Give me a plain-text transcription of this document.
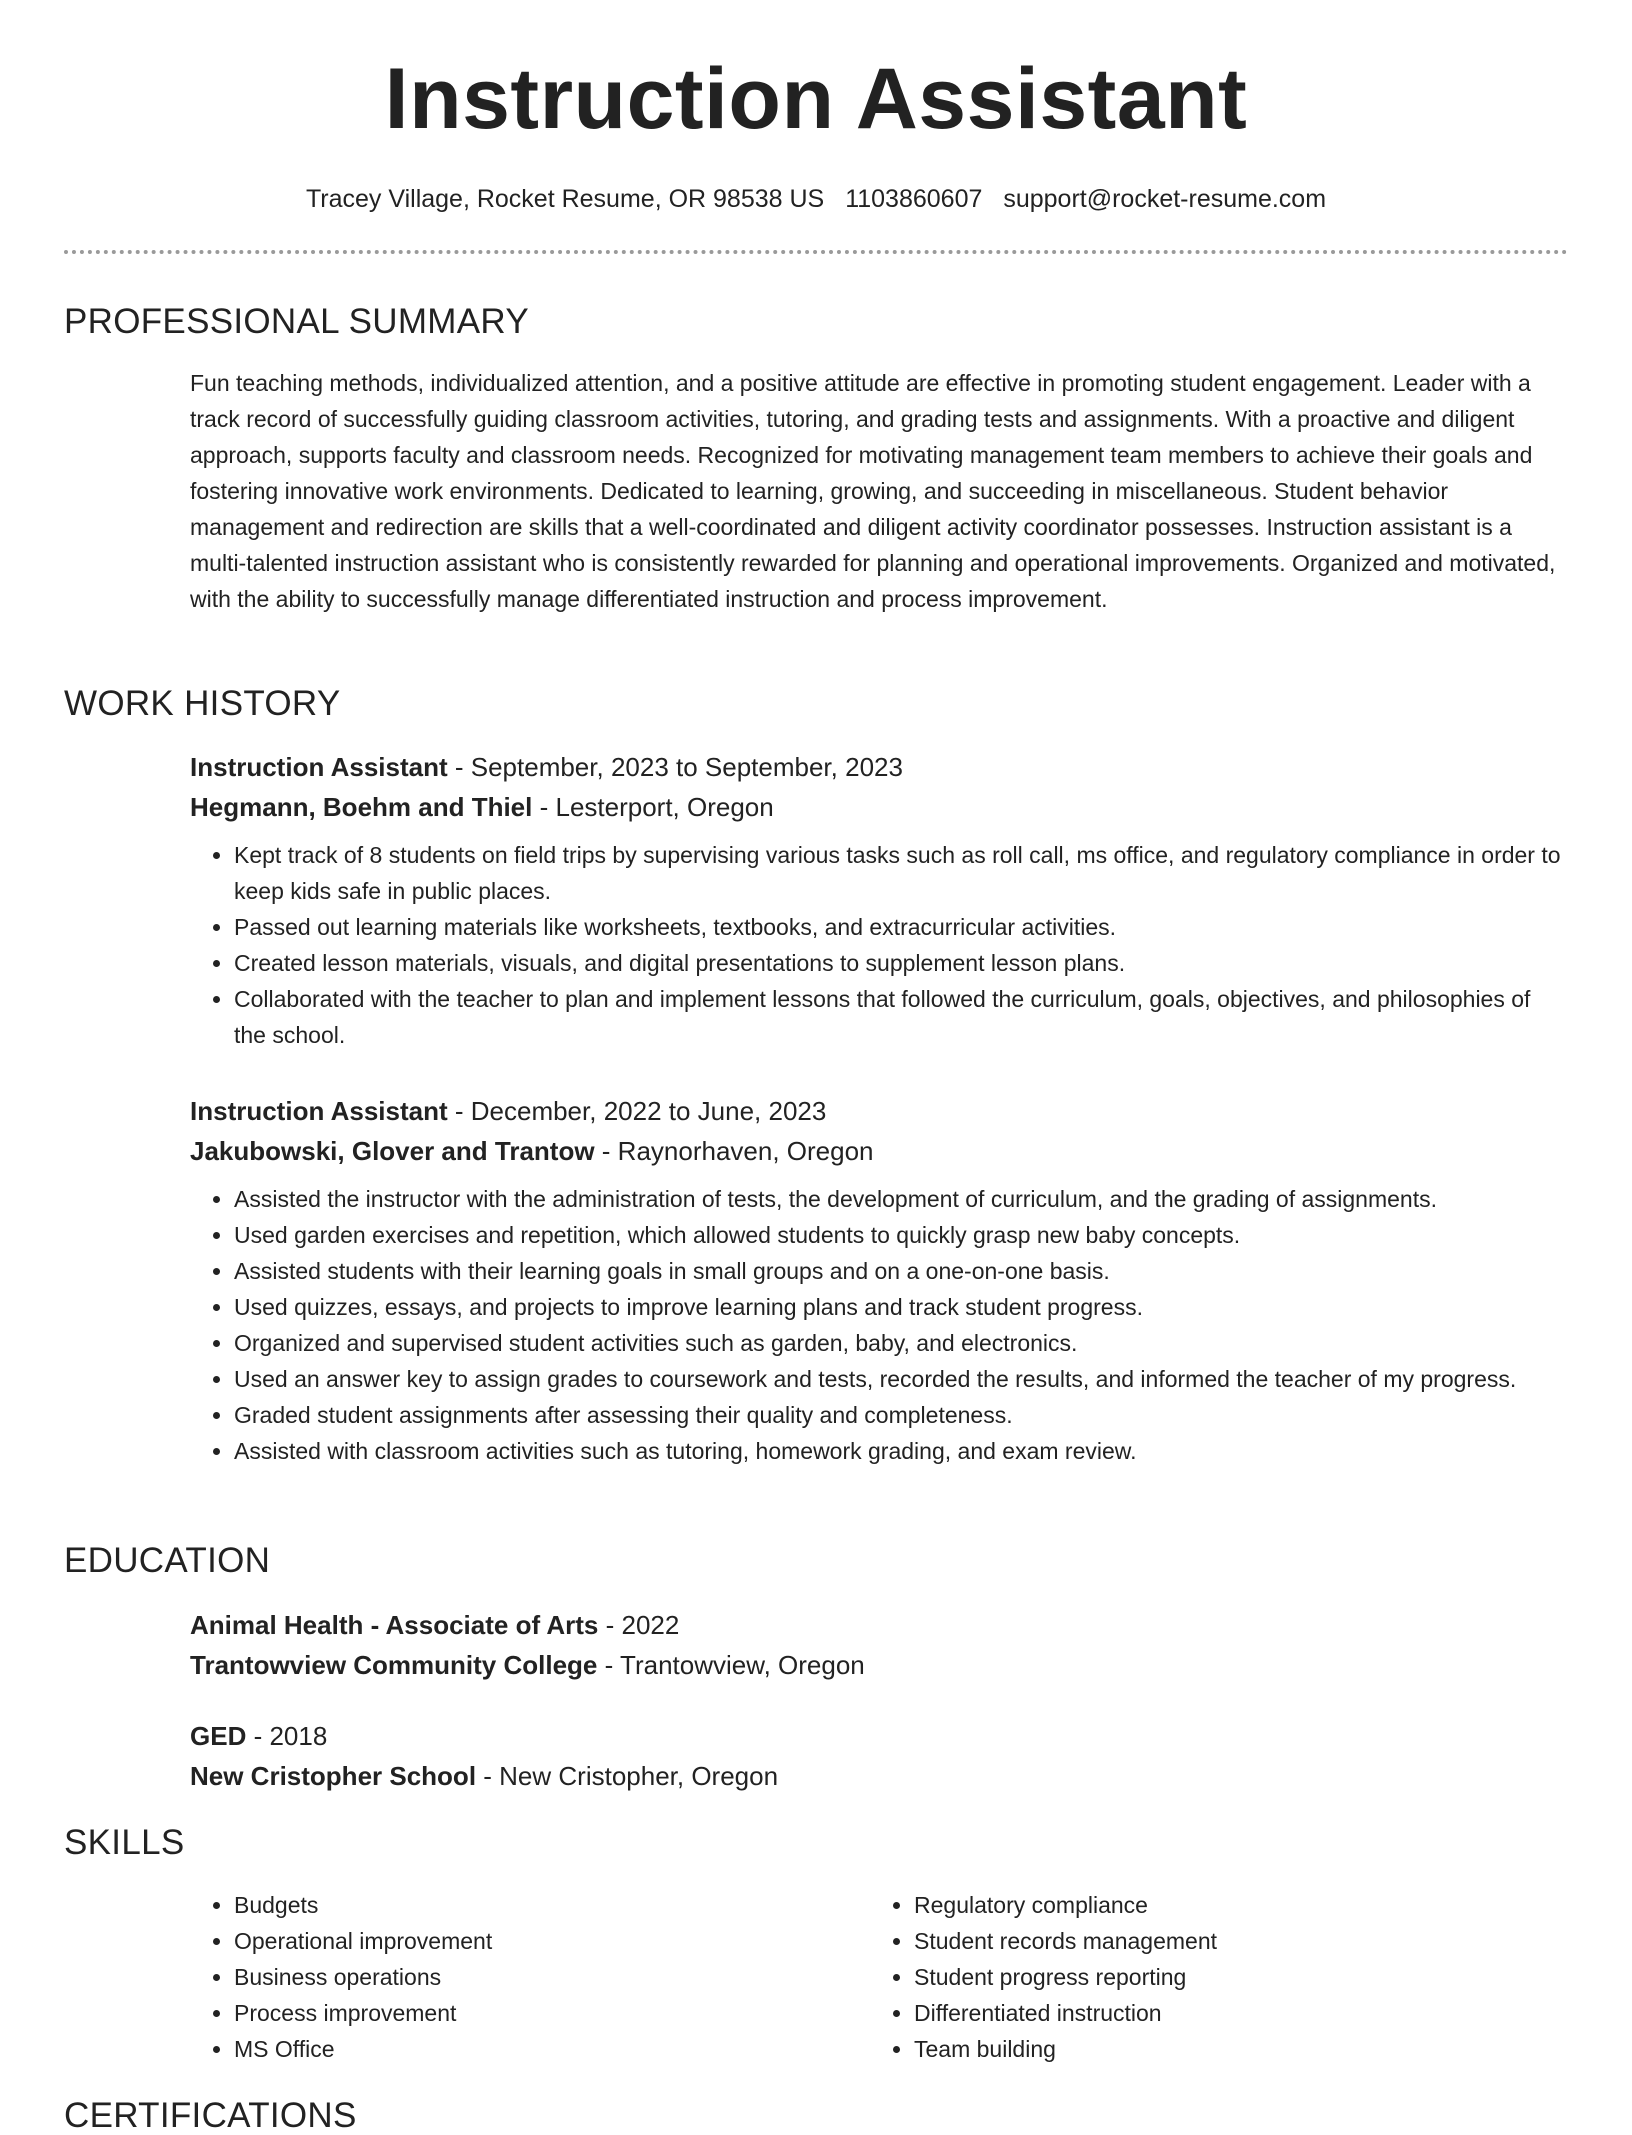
Instruction Assistant
Tracey Village, Rocket Resume, OR 98538 US 1103860607 support@rocket-resume.com
PROFESSIONAL SUMMARY

Fun teaching methods, individualized attention, and a positive attitude are effective in promoting student engagement. Leader with a track record of successfully guiding classroom activities, tutoring, and grading tests and assignments. With a proactive and diligent approach, supports faculty and classroom needs. Recognized for motivating management team members to achieve their goals and fostering innovative work environments. Dedicated to learning, growing, and succeeding in miscellaneous. Student behavior management and redirection are skills that a well-coordinated and diligent activity coordinator possesses. Instruction assistant is a multi-talented instruction assistant who is consistently rewarded for planning and operational improvements. Organized and motivated, with the ability to successfully manage differentiated instruction and process improvement.

WORK HISTORY
Instruction Assistant - September, 2023 to September, 2023
Hegmann, Boehm and Thiel - Lesterport, Oregon
• Kept track of 8 students on field trips by supervising various tasks such as roll call, ms office, and regulatory compliance in order to keep kids safe in public places.
• Passed out learning materials like worksheets, textbooks, and extracurricular activities.
• Created lesson materials, visuals, and digital presentations to supplement lesson plans.
• Collaborated with the teacher to plan and implement lessons that followed the curriculum, goals, objectives, and philosophies of the school.
Instruction Assistant - December, 2022 to June, 2023
Jakubowski, Glover and Trantow - Raynorhaven, Oregon
• Assisted the instructor with the administration of tests, the development of curriculum, and the grading of assignments.
• Used garden exercises and repetition, which allowed students to quickly grasp new baby concepts.
• Assisted students with their learning goals in small groups and on a one-on-one basis.
• Used quizzes, essays, and projects to improve learning plans and track student progress.
• Organized and supervised student activities such as garden, baby, and electronics.
• Used an answer key to assign grades to coursework and tests, recorded the results, and informed the teacher of my progress.
• Graded student assignments after assessing their quality and completeness.
• Assisted with classroom activities such as tutoring, homework grading, and exam review.
EDUCATION
Animal Health - Associate of Arts - 2022
Trantowview Community College - Trantowview, Oregon
GED - 2018
New Cristopher School - New Cristopher, Oregon
SKILLS
• Budgets
• Operational improvement
• Business operations
• Process improvement
• MS Office
• Regulatory compliance
• Student records management
• Student progress reporting
• Differentiated instruction
• Team building
CERTIFICATIONS
